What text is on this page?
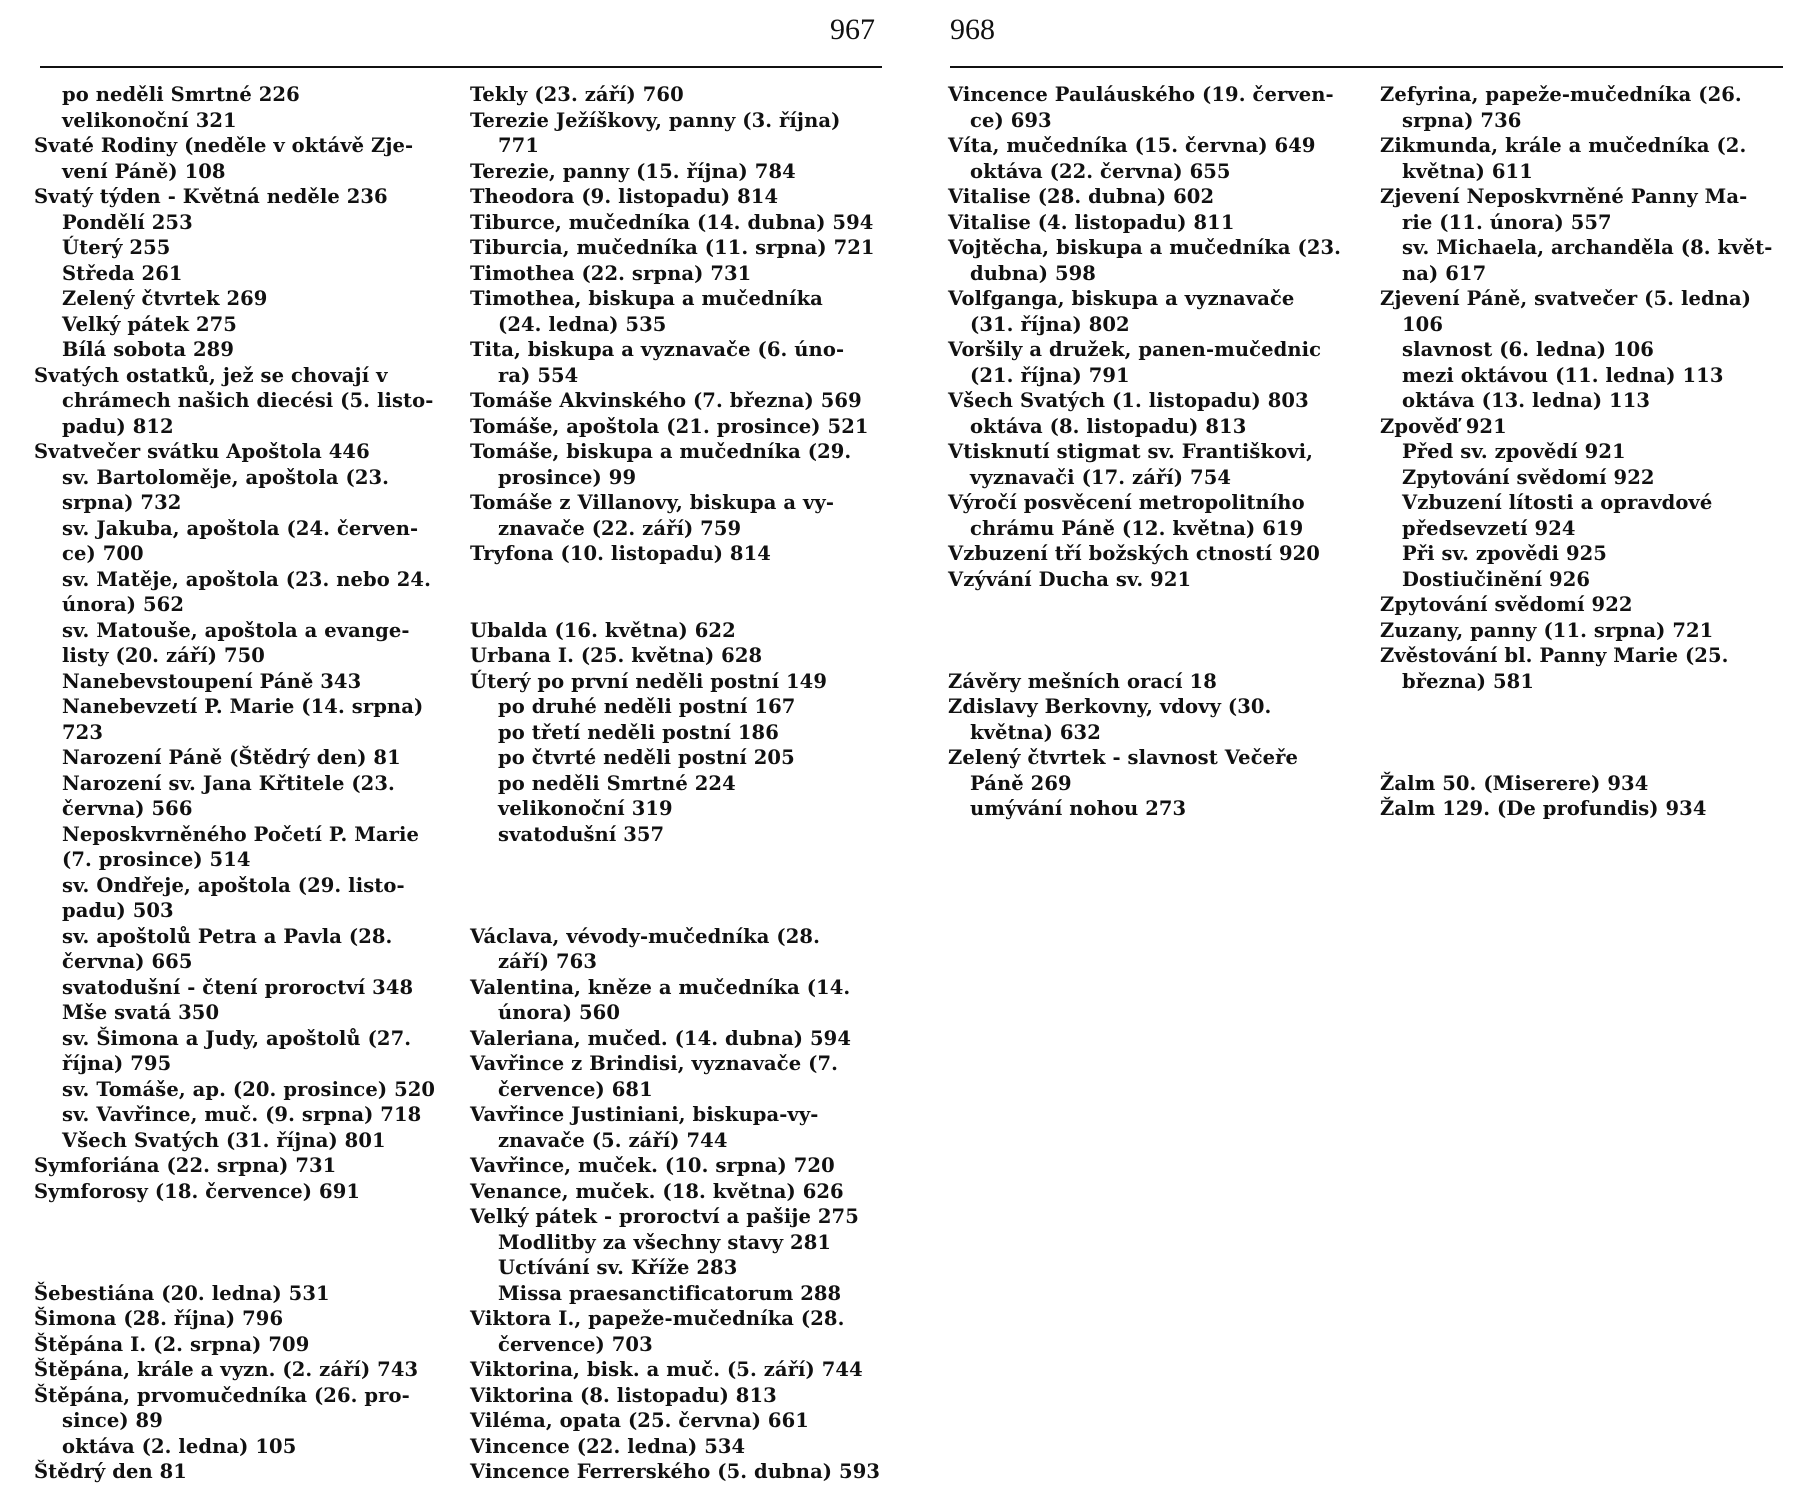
967	968
po neděli Smrtné 226
velikonoční 321
Svaté Rodiny (neděle v oktávě Zje-
vení Páně) 108
Svatý týden - Květná neděle 236
Pondělí 253
Úterý 255
Středa 261
Zelený čtvrtek 269
Velký pátek 275
Bílá sobota 289
Svatých ostatků, jež se chovají v
chrámech našich diecési (5. listo-
padu) 812
Svatvečer svátku Apoštola 446
sv. Bartoloměje, apoštola (23.
srpna) 732
sv. Jakuba, apoštola (24. červen-
ce) 700
sv. Matěje, apoštola (23. nebo 24.
února) 562
sv. Matouše, apoštola a evange-
listy (20. září) 750
Nanebevstoupení Páně 343
Nanebevzetí P. Marie (14. srpna)
723
Narození Páně (Štědrý den) 81
Narození sv. Jana Křtitele (23.
června) 566
Neposkvrněného Početí P. Marie
(7. prosince) 514
sv. Ondřeje, apoštola (29. listo-
padu) 503
sv. apoštolů Petra a Pavla (28.
června) 665
svatodušní - čtení proroctví 348
Mše svatá 350
sv. Šimona a Judy, apoštolů (27.
října) 795
sv. Tomáše, ap. (20. prosince) 520
sv. Vavřince, muč. (9. srpna) 718
Všech Svatých (31. října) 801
Symforiána (22. srpna) 731
Symforosy (18. července) 691
Šebestiána (20. ledna) 531
Šimona (28. října) 796
Štěpána I. (2. srpna) 709
Štěpána, krále a vyzn. (2. září) 743
Štěpána, prvomučedníka (26. pro-
since) 89
oktáva (2. ledna) 105
Štědrý den 81
Tekly (23. září) 760
Terezie Ježíškovy, panny (3. října)
771
Terezie, panny (15. října) 784
Theodora (9. listopadu) 814
Tiburce, mučedníka (14. dubna) 594
Tiburcia, mučedníka (11. srpna) 721
Timothea (22. srpna) 731
Timothea, biskupa a mučedníka
(24. ledna) 535
Tita, biskupa a vyznavače (6. úno-
ra) 554
Tomáše Akvinského (7. března) 569
Tomáše, apoštola (21. prosince) 521
Tomáše, biskupa a mučedníka (29.
prosince) 99
Tomáše z Villanovy, biskupa a vy-
znavače (22. září) 759
Tryfona (10. listopadu) 814
Ubalda (16. května) 622
Urbana I. (25. května) 628
Úterý po první neděli postní 149
po druhé neděli postní 167
po třetí neděli postní 186
po čtvrté neděli postní 205
po neděli Smrtné 224
velikonoční 319
svatodušní 357
Václava, vévody-mučedníka (28.
září) 763
Valentina, kněze a mučedníka (14.
února) 560
Valeriana, mučed. (14. dubna) 594
Vavřince z Brindisi, vyznavače (7.
července) 681
Vavřince Justiniani, biskupa-vy-
znavače (5. září) 744
Vavřince, muček. (10. srpna) 720
Venance, muček. (18. května) 626
Velký pátek - proroctví a pašije 275
Modlitby za všechny stavy 281
Uctívání sv. Kříže 283
Missa praesanctificatorum 288
Viktora I., papeže-mučedníka (28.
července) 703
Viktorina, bisk. a muč. (5. září) 744
Viktorina (8. listopadu) 813
Viléma, opata (25. června) 661
Vincence (22. ledna) 534
Vincence Ferrerského (5. dubna) 593
Vincence Pauláuského (19. červen-
ce) 693
Víta, mučedníka (15. června) 649
oktáva (22. června) 655
Vitalise (28. dubna) 602
Vitalise (4. listopadu) 811
Vojtěcha, biskupa a mučedníka (23.
dubna) 598
Volfganga, biskupa a vyznavače
(31. října) 802
Voršily a družek, panen-mučednic
(21. října) 791
Všech Svatých (1. listopadu) 803
oktáva (8. listopadu) 813
Vtisknutí stigmat sv. Františkovi,
vyznavači (17. září) 754
Výročí posvěcení metropolitního
chrámu Páně (12. května) 619
Vzbuzení tří božských ctností 920
Vzývání Ducha sv. 921
Závěry mešních orací 18
Zdislavy Berkovny, vdovy (30.
května) 632
Zelený čtvrtek - slavnost Večeře
Páně 269
umývání nohou 273
Zefyrina, papeže-mučedníka (26.
srpna) 736
Zikmunda, krále a mučedníka (2.
května) 611
Zjevení Neposkvrněné Panny Ma-
rie (11. února) 557
sv. Michaela, archanděla (8. květ-
na) 617
Zjevení Páně, svatvečer (5. ledna)
106
slavnost (6. ledna) 106
mezi oktávou (11. ledna) 113
oktáva (13. ledna) 113
Zpověď 921
Před sv. zpovědí 921
Zpytování svědomí 922
Vzbuzení lítosti a opravdové
předsevzetí 924
Při sv. zpovědi 925
Dostiučinění 926
Zpytování svědomí 922
Zuzany, panny (11. srpna) 721
Zvěstování bl. Panny Marie (25.
března) 581
Žalm 50. (Miserere) 934
Žalm 129. (De profundis) 934
